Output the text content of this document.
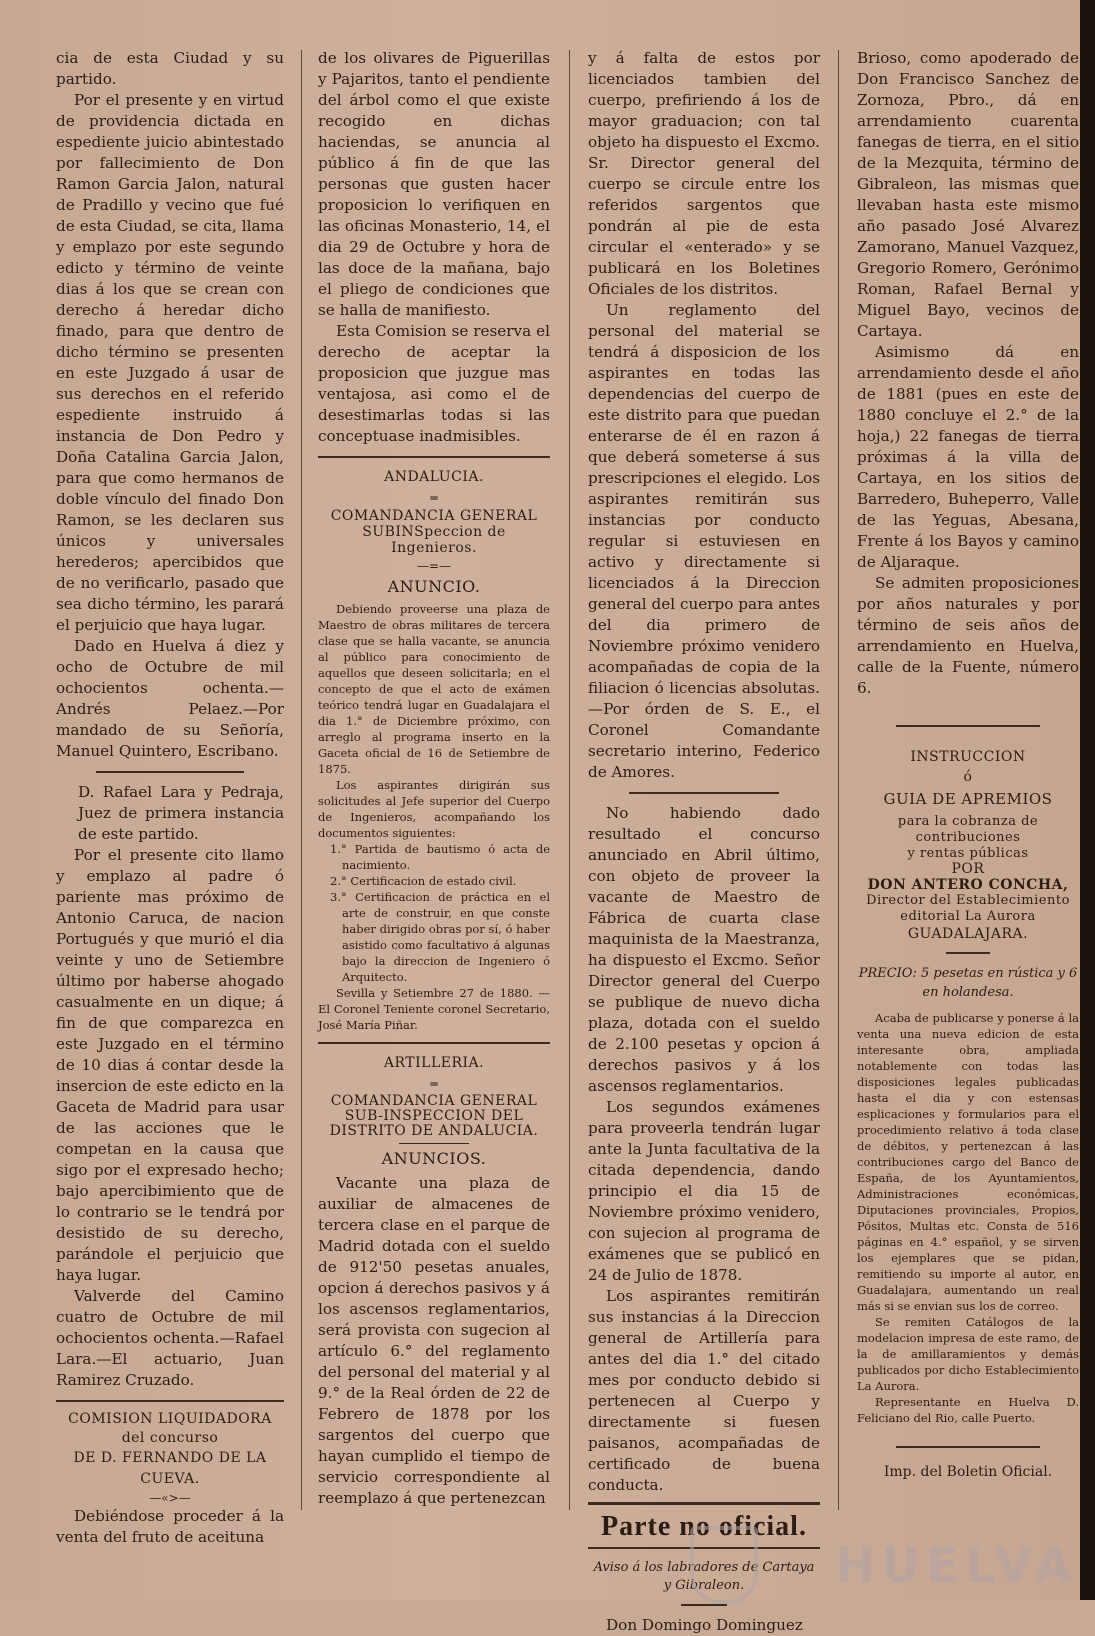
cia de esta Ciudad y su partido.

Por el presente y en virtud de providencia dictada en espediente juicio abintestado por fallecimiento de Don Ramon Garcia Jalon, natural de Pradillo y vecino que fué de esta Ciudad, se cita, llama y emplazo por este segundo edicto y término de veinte dias á los que se crean con derecho á heredar dicho finado, para que dentro de dicho término se presenten en este Juzgado á usar de sus derechos en el referido espediente instruido á instancia de Don Pedro y Doña Catalina Garcia Jalon, para que como hermanos de doble vínculo del finado Don Ramon, se les declaren sus únicos y universales herederos; apercibidos que de no verificarlo, pasado que sea dicho término, les parará el perjuicio que haya lugar.

Dado en Huelva á diez y ocho de Octubre de mil ochocientos ochenta.—Andrés Pelaez.—Por mandado de su Señoría, Manuel Quintero, Escribano.

D. Rafael Lara y Pedraja, Juez de primera instancia de este partido.

Por el presente cito llamo y emplazo al padre ó pariente mas próximo de Antonio Caruca, de nacion Portugués y que murió el dia veinte y uno de Setiembre último por haberse ahogado casualmente en un dique; á fin de que comparezca en este Juzgado en el término de 10 dias á contar desde la insercion de este edicto en la Gaceta de Madrid para usar de las acciones que le competan en la causa que sigo por el expresado hecho; bajo apercibimiento que de lo contrario se le tendrá por desistido de su derecho, parándole el perjuicio que haya lugar.

Valverde del Camino cuatro de Octubre de mil ochocientos ochenta.—Rafael Lara.—El actuario, Juan Ramirez Cruzado.

COMISION LIQUIDADORA
del concurso
DE D. FERNANDO DE LA CUEVA.
—«>—

Debiéndose proceder á la venta del fruto de aceituna

de los olivares de Piguerillas y Pajaritos, tanto el pendiente del árbol como el que existe recogido en dichas haciendas, se anuncia al público á fin de que las personas que gusten hacer proposicion lo verifiquen en las oficinas Monasterio, 14, el dia 29 de Octubre y hora de las doce de la mañana, bajo el pliego de condiciones que se halla de manifiesto.

Esta Comision se reserva el derecho de aceptar la proposicion que juzgue mas ventajosa, asi como el de desestimarlas todas si las conceptuase inadmisibles.

ANDALUCIA.
═
COMANDANCIA GENERAL SUBINSpeccion de Ingenieros.
—=—
ANUNCIO.

Debiendo proveerse una plaza de Maestro de obras militares de tercera clase que se halla vacante, se anuncia al público para conocimiento de aquellos que deseen solicitarla; en el concepto de que el acto de exámen teórico tendrá lugar en Guadalajara el dia 1.° de Diciembre próximo, con arreglo al programa inserto en la Gaceta oficial de 16 de Setiembre de 1875.

Los aspirantes dirigirán sus solicitudes al Jefe superior del Cuerpo de Ingenieros, acompañando los documentos siguientes:

1.° Partida de bautismo ó acta de nacimiento.
2.° Certificacion de estado civil.
3.° Certificacion de práctica en el arte de construir, en que conste haber dirigido obras por sí, ó haber asistido como facultativo á algunas bajo la direccion de Ingeniero ó Arquitecto.

Sevilla y Setiembre 27 de 1880. — El Coronel Teniente coronel Secretario, José María Piñar.

ARTILLERIA.
═
COMANDANCIA GENERAL SUB-INSPECCION DEL DISTRITO DE ANDALUCIA.
ANUNCIOS.

Vacante una plaza de auxiliar de almacenes de tercera clase en el parque de Madrid dotada con el sueldo de 912'50 pesetas anuales, opcion á derechos pasivos y á los ascensos reglamentarios, será provista con sugecion al artículo 6.° del reglamento del personal del material y al 9.° de la Real órden de 22 de Febrero de 1878 por los sargentos del cuerpo que hayan cumplido el tiempo de servicio correspondiente al reemplazo á que pertenezcan

y á falta de estos por licenciados tambien del cuerpo, prefiriendo á los de mayor graduacion; con tal objeto ha dispuesto el Excmo. Sr. Director general del cuerpo se circule entre los referidos sargentos que pondrán al pie de esta circular el «enterado» y se publicará en los Boletines Oficiales de los distritos.

Un reglamento del personal del material se tendrá á disposicion de los aspirantes en todas las dependencias del cuerpo de este distrito para que puedan enterarse de él en razon á que deberá someterse á sus prescripciones el elegido. Los aspirantes remitirán sus instancias por conducto regular si estuviesen en activo y directamente si licenciados á la Direccion general del cuerpo para antes del dia primero de Noviembre próximo venidero acompañadas de copia de la filiacion ó licencias absolutas.—Por órden de S. E., el Coronel Comandante secretario interino, Federico de Amores.

No habiendo dado resultado el concurso anunciado en Abril último, con objeto de proveer la vacante de Maestro de Fábrica de cuarta clase maquinista de la Maestranza, ha dispuesto el Excmo. Señor Director general del Cuerpo se publique de nuevo dicha plaza, dotada con el sueldo de 2.100 pesetas y opcion á derechos pasivos y á los ascensos reglamentarios.

Los segundos exámenes para proveerla tendrán lugar ante la Junta facultativa de la citada dependencia, dando principio el dia 15 de Noviembre próximo venidero, con sujecion al programa de exámenes que se publicó en 24 de Julio de 1878.

Los aspirantes remitirán sus instancias á la Direccion general de Artillería para antes del dia 1.° del citado mes por conducto debido si pertenecen al Cuerpo y directamente si fuesen paisanos, acompañadas de certificado de buena conducta.

Parte no oficial.
Aviso á los labradores de Cartaya y Gibraleon.

Don Domingo Dominguez

Brioso, como apoderado de Don Francisco Sanchez de Zornoza, Pbro., dá en arrendamiento cuarenta fanegas de tierra, en el sitio de la Mezquita, término de Gibraleon, las mismas que llevaban hasta este mismo año pasado José Alvarez Zamorano, Manuel Vazquez, Gregorio Romero, Gerónimo Roman, Rafael Bernal y Miguel Bayo, vecinos de Cartaya.

Asimismo dá en arrendamiento desde el año de 1881 (pues en este de 1880 concluye el 2.° de la hoja,) 22 fanegas de tierra próximas á la villa de Cartaya, en los sitios de Barredero, Buheperro, Valle de las Yeguas, Abesana, Frente á los Bayos y camino de Aljaraque.

Se admiten proposiciones por años naturales y por término de seis años de arrendamiento en Huelva, calle de la Fuente, número 6.

INSTRUCCION
ó
GUIA DE APREMIOS
para la cobranza de contribuciones
y rentas públicas
POR
DON ANTERO CONCHA,
Director del Establecimiento editorial La Aurora
GUADALAJARA.
PRECIO: 5 pesetas en rústica y 6 en holandesa.

Acaba de publicarse y ponerse á la venta una nueva edicion de esta interesante obra, ampliada notablemente con todas las disposiciones legales publicadas hasta el dia y con estensas esplicaciones y formularios para el procedimiento relativo á toda clase de débitos, y pertenezcan á las contribuciones cargo del Banco de España, de los Ayuntamientos, Administraciones económicas, Diputaciones provinciales, Propios, Pósitos, Multas etc. Consta de 516 páginas en 4.° español, y se sirven los ejemplares que se pidan, remitiendo su importe al autor, en Guadalajara, aumentando un real más si se envian sus los de correo.

Se remiten Catálogos de la modelacion impresa de este ramo, de la de amillaramientos y demás publicados por dicho Establecimiento La Aurora.

Representante en Huelva D. Feliciano del Rio, calle Puerto.

Imp. del Boletin Oficial.
HUELVA
